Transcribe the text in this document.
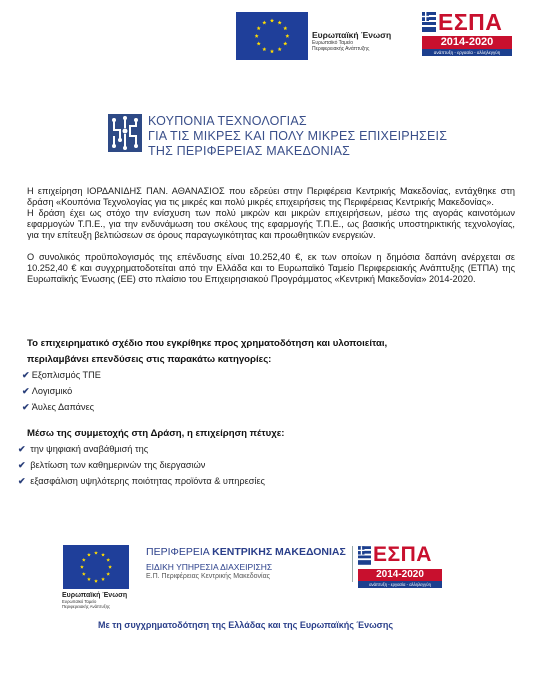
Ευρωπαϊκή Ένωση
Ευρωπαϊκό Ταμείο
Περιφερειακής Ανάπτυξης
ΕΣΠΑ
2014-2020
ανάπτυξη - εργασία - αλληλεγγύη
ΚΟΥΠΟΝΙΑ ΤΕΧΝΟΛΟΓΙΑΣ
ΓΙΑ ΤΙΣ ΜΙΚΡΕΣ ΚΑΙ ΠΟΛΥ ΜΙΚΡΕΣ ΕΠΙΧΕΙΡΗΣΕΙΣ
ΤΗΣ ΠΕΡΙΦΕΡΕΙΑΣ ΜΑΚΕΔΟΝΙΑΣ
Η επιχείρηση ΙΟΡΔΑΝΙΔΗΣ ΠΑΝ. ΑΘΑΝΑΣΙΟΣ που εδρεύει στην Περιφέρεια Κεντρικής Μακεδονίας, εντάχθηκε στη δράση «Κουπόνια Τεχνολογίας για τις μικρές και πολύ μικρές επιχειρήσεις της Περιφέρειας Κεντρικής Μακεδονίας».
Η δράση έχει ως στόχο την ενίσχυση των πολύ μικρών και μικρών επιχειρήσεων, μέσω της αγοράς καινοτόμων εφαρμογών Τ.Π.Ε., για την ενδυνάμωση του σκέλους της εφαρμογής Τ.Π.Ε., ως βασικής υποστηρικτικής τεχνολογίας, για την επίτευξη βελτιώσεων σε όρους παραγωγικότητας και προωθητικών ενεργειών.
Ο συνολικός προϋπολογισμός της επένδυσης είναι 10.252,40 €, εκ των οποίων η δημόσια δαπάνη ανέρχεται σε 10.252,40 € και συγχρηματοδοτείται από την Ελλάδα και το Ευρωπαϊκό Ταμείο Περιφερειακής Ανάπτυξης (ΕΤΠΑ) της Ευρωπαϊκής Ένωσης (ΕΕ) στο πλαίσιο του Επιχειρησιακού Προγράμματος «Κεντρική Μακεδονία» 2014-2020.
Το επιχειρηματικό σχέδιο που εγκρίθηκε προς χρηματοδότηση και υλοποιείται,
περιλαμβάνει επενδύσεις στις παρακάτω κατηγορίες:
✔ Εξοπλισμός ΤΠΕ
✔ Λογισμικό
✔ Άυλες Δαπάνες
Μέσω της συμμετοχής στη Δράση, η επιχείρηση πέτυχε:
✔ την ψηφιακή αναβάθμισή της
✔ βελτίωση των καθημερινών της διεργασιών
✔ εξασφάλιση υψηλότερης ποιότητας προϊόντα & υπηρεσίες
Ευρωπαϊκή Ένωση
Ευρωπαϊκό Ταμείο
Περιφερειακής Ανάπτυξης
ΠΕΡΙΦΕΡΕΙΑ ΚΕΝΤΡΙΚΗΣ ΜΑΚΕΔΟΝΙΑΣ
ΕΙΔΙΚΗ ΥΠΗΡΕΣΙΑ ΔΙΑΧΕΙΡΙΣΗΣ
Ε.Π. Περιφέρειας Κεντρικής Μακεδονίας
ΕΣΠΑ
2014-2020
ανάπτυξη - εργασία - αλληλεγγύη
Με τη συγχρηματοδότηση της Ελλάδας και της Ευρωπαϊκής Ένωσης
